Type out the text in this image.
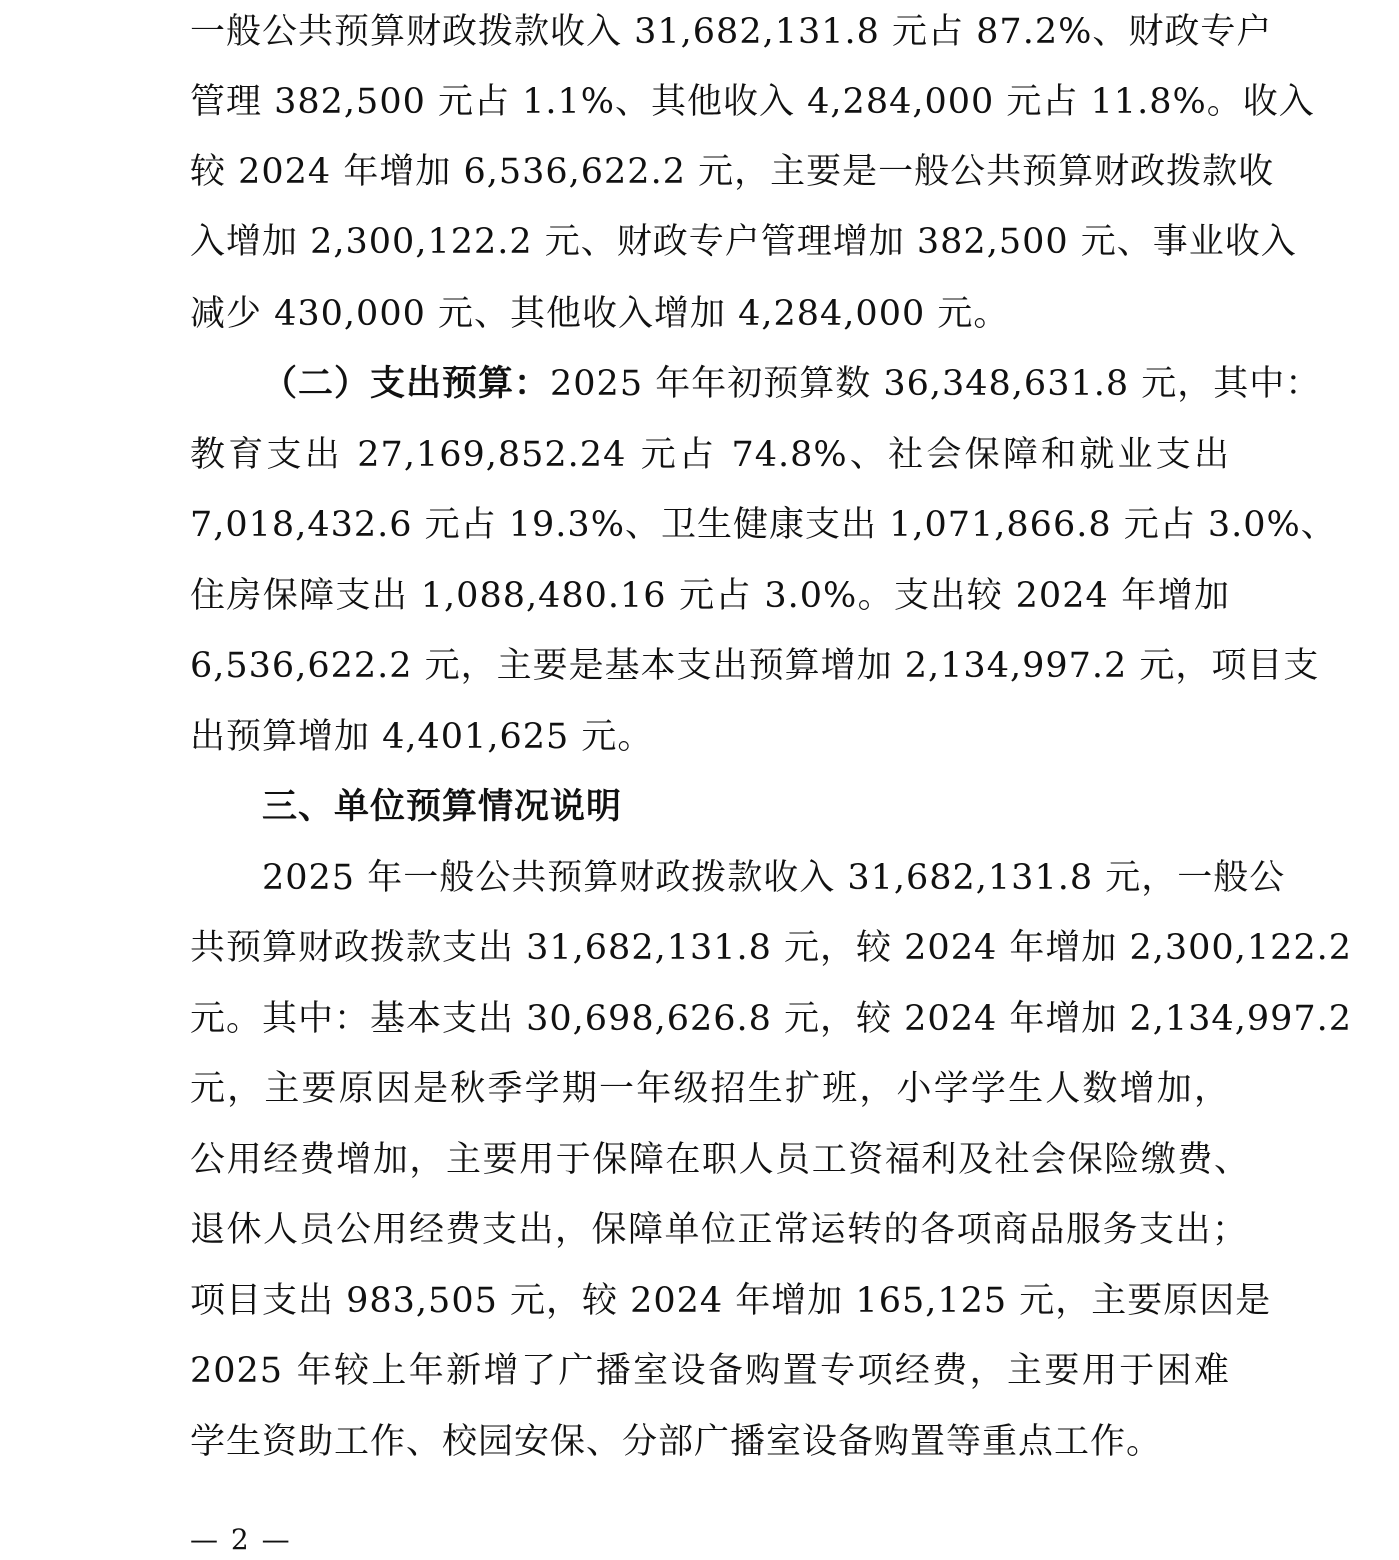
一般公共预算财政拨款收入 31,682,131.8 元占 87.2%、财政专户
管理 382,500 元占 1.1%、其他收入 4,284,000 元占 11.8%。收入
较 2024 年增加 6,536,622.2 元，主要是一般公共预算财政拨款收
入增加 2,300,122.2 元、财政专户管理增加 382,500 元、事业收入
减少 430,000 元、其他收入增加 4,284,000 元。
（二）支出预算：2025 年年初预算数 36,348,631.8 元，其中：
教育支出 27,169,852.24 元占 74.8%、社会保障和就业支出
7,018,432.6 元占 19.3%、卫生健康支出 1,071,866.8 元占 3.0%、
住房保障支出 1,088,480.16 元占 3.0%。支出较 2024 年增加
6,536,622.2 元，主要是基本支出预算增加 2,134,997.2 元，项目支
出预算增加 4,401,625 元。
三、单位预算情况说明
2025 年一般公共预算财政拨款收入 31,682,131.8 元，一般公
共预算财政拨款支出 31,682,131.8 元，较 2024 年增加 2,300,122.2
元。其中：基本支出 30,698,626.8 元，较 2024 年增加 2,134,997.2
元，主要原因是秋季学期一年级招生扩班，小学学生人数增加，
公用经费增加，主要用于保障在职人员工资福利及社会保险缴费、
退休人员公用经费支出，保障单位正常运转的各项商品服务支出；
项目支出 983,505 元，较 2024 年增加 165,125 元，主要原因是
2025 年较上年新增了广播室设备购置专项经费，主要用于困难
学生资助工作、校园安保、分部广播室设备购置等重点工作。
— 2 —
